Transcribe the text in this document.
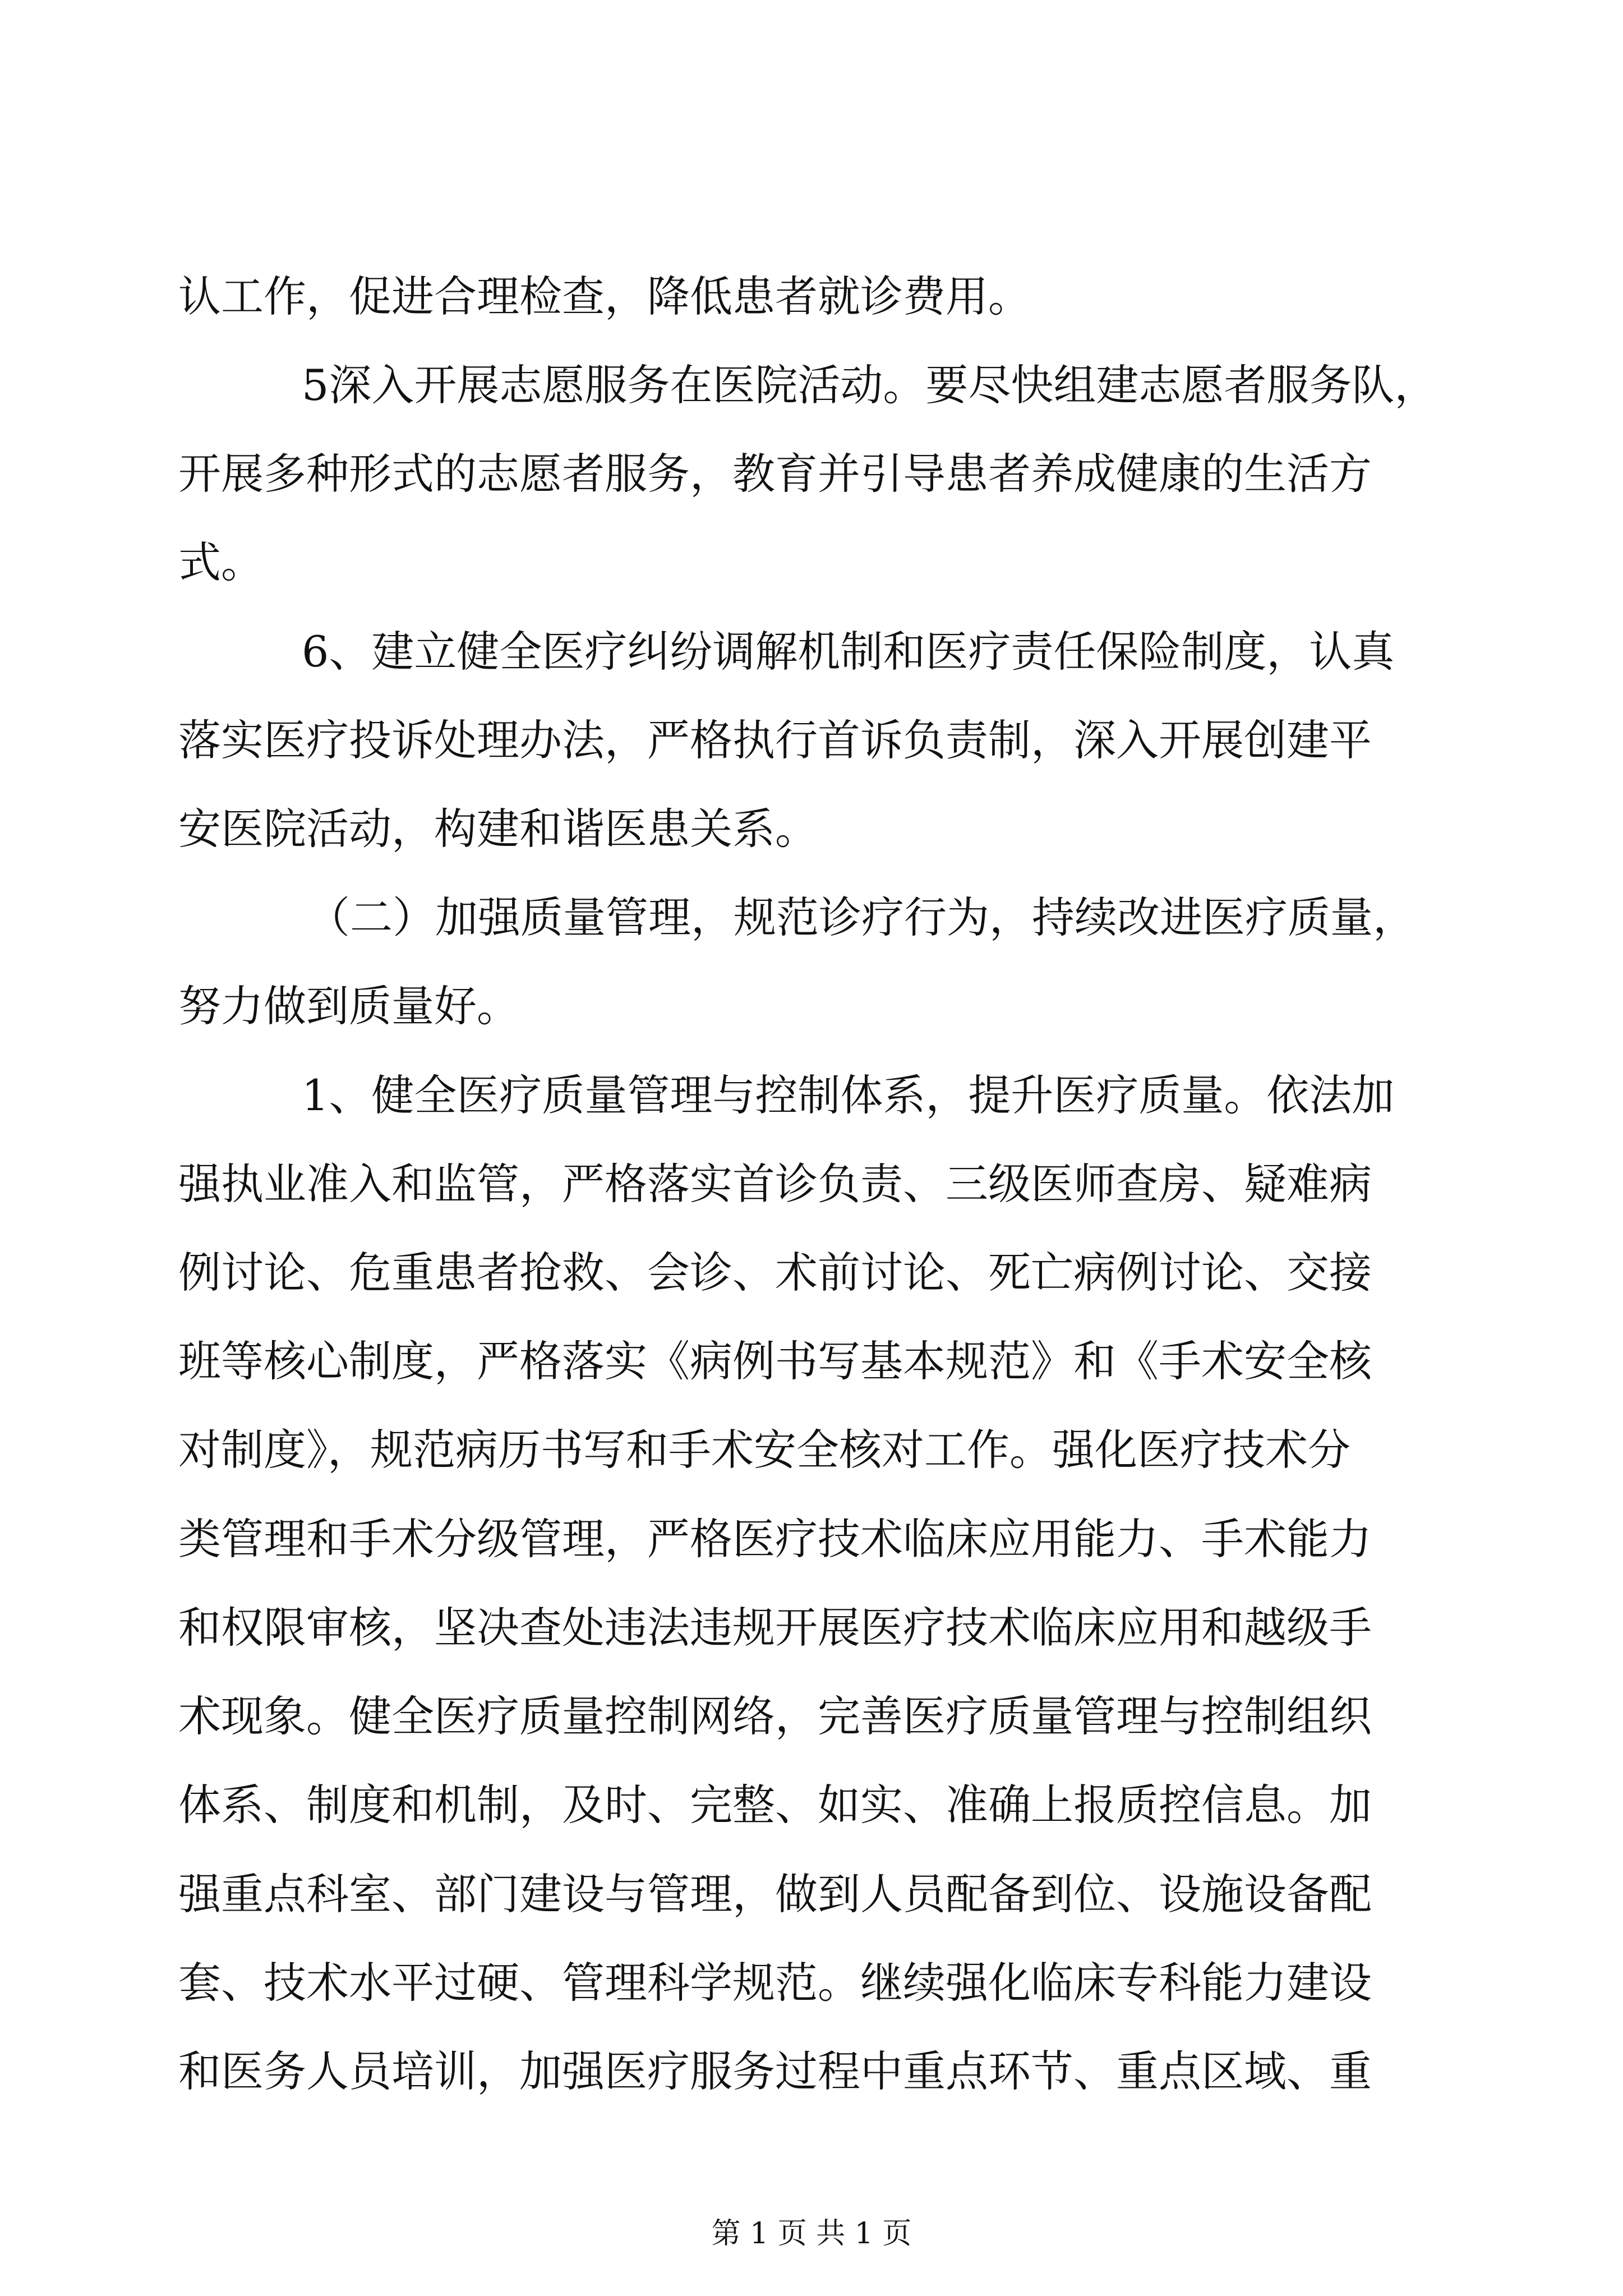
认工作，促进合理检查，降低患者就诊费用。
5深入开展志愿服务在医院活动。要尽快组建志愿者服务队，
开展多种形式的志愿者服务，教育并引导患者养成健康的生活方
式。
6、建立健全医疗纠纷调解机制和医疗责任保险制度，认真
落实医疗投诉处理办法，严格执行首诉负责制，深入开展创建平
安医院活动，构建和谐医患关系。
（二）加强质量管理，规范诊疗行为，持续改进医疗质量，
努力做到质量好。
1、健全医疗质量管理与控制体系，提升医疗质量。依法加
强执业准入和监管，严格落实首诊负责、三级医师查房、疑难病
例讨论、危重患者抢救、会诊、术前讨论、死亡病例讨论、交接
班等核心制度，严格落实《病例书写基本规范》和《手术安全核
对制度》，规范病历书写和手术安全核对工作。强化医疗技术分
类管理和手术分级管理，严格医疗技术临床应用能力、手术能力
和权限审核，坚决查处违法违规开展医疗技术临床应用和越级手
术现象。健全医疗质量控制网络，完善医疗质量管理与控制组织
体系、制度和机制，及时、完整、如实、准确上报质控信息。加
强重点科室、部门建设与管理，做到人员配备到位、设施设备配
套、技术水平过硬、管理科学规范。继续强化临床专科能力建设
和医务人员培训，加强医疗服务过程中重点环节、重点区域、重
第 1 页 共 1 页
